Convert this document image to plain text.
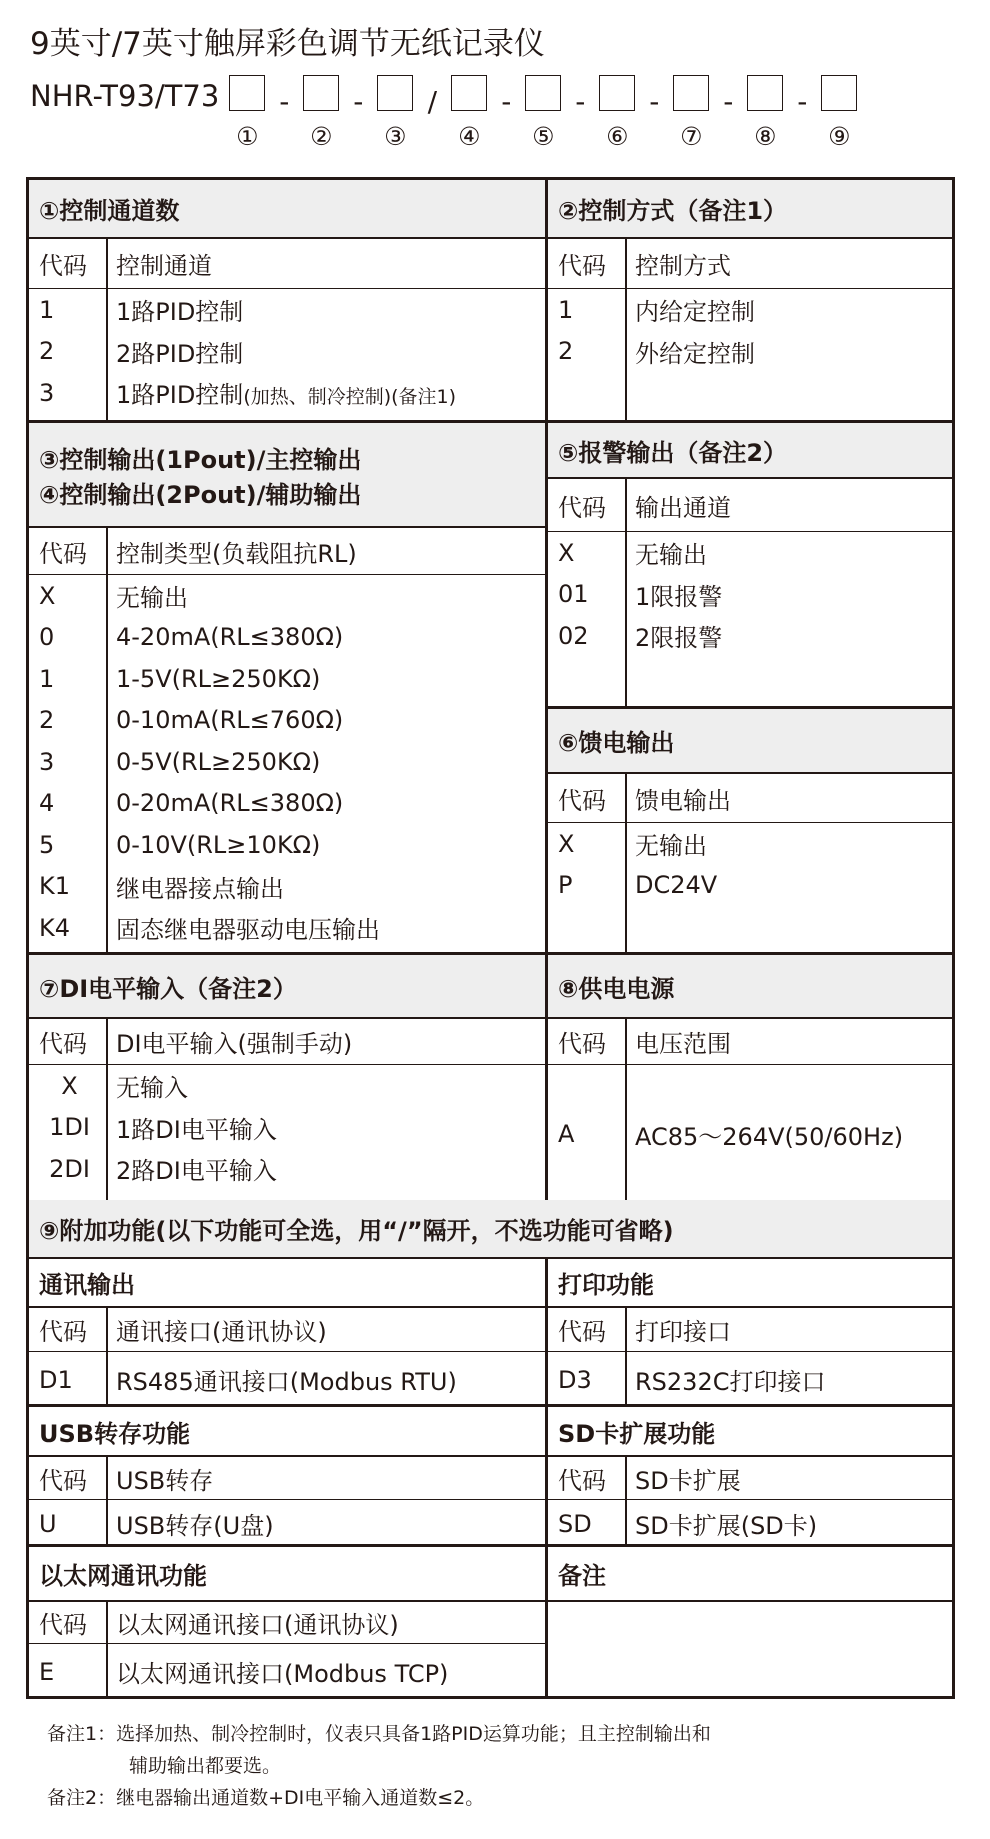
9英寸/7英寸触屏彩色调节无纸记录仪
NHR-T93/T73	- - / - - - - -
① ② ③ ④ ⑤ ⑥ ⑦ ⑧ ⑨
①控制通道数
代码	控制通道
1	1路PID控制
2	2路PID控制
3	1路PID控制(加热、制冷控制)(备注1)
③控制输出(1Pout)/主控输出
④控制输出(2Pout)/辅助输出
代码	控制类型(负载阻抗RL)
X	无输出
0	4-20mA(RL≤380Ω)
1	1-5V(RL≥250KΩ)
2	0-10mA(RL≤760Ω)
3	0-5V(RL≥250KΩ)
4	0-20mA(RL≤380Ω)
5	0-10V(RL≥10KΩ)
K1	继电器接点输出
K4	固态继电器驱动电压输出
⑦DI电平输入（备注2）
代码	DI电平输入(强制手动)
X	无输入
1DI	1路DI电平输入
2DI	2路DI电平输入
②控制方式（备注1）
代码	控制方式
1	内给定控制
2	外给定控制
⑤报警输出（备注2）
代码	输出通道
X	无输出
01	1限报警
02	2限报警
⑥馈电输出
代码	馈电输出
X	无输出
P	DC24V
⑧供电电源
代码	电压范围
A	AC85～264V(50/60Hz)
⑨附加功能(以下功能可全选，用“/”隔开，不选功能可省略)
通讯输出
代码	通讯接口(通讯协议)
D1	RS485通讯接口(Modbus RTU)
打印功能
代码	打印接口
D3	RS232C打印接口
USB转存功能
代码	USB转存
U	USB转存(U盘)
SD卡扩展功能
代码	SD卡扩展
SD	SD卡扩展(SD卡)
以太网通讯功能
代码	以太网通讯接口(通讯协议)
E	以太网通讯接口(Modbus TCP)
备注
备注1：选择加热、制冷控制时，仪表只具备1路PID运算功能；且主控制输出和
辅助输出都要选。
备注2：继电器输出通道数+DI电平输入通道数≤2。
